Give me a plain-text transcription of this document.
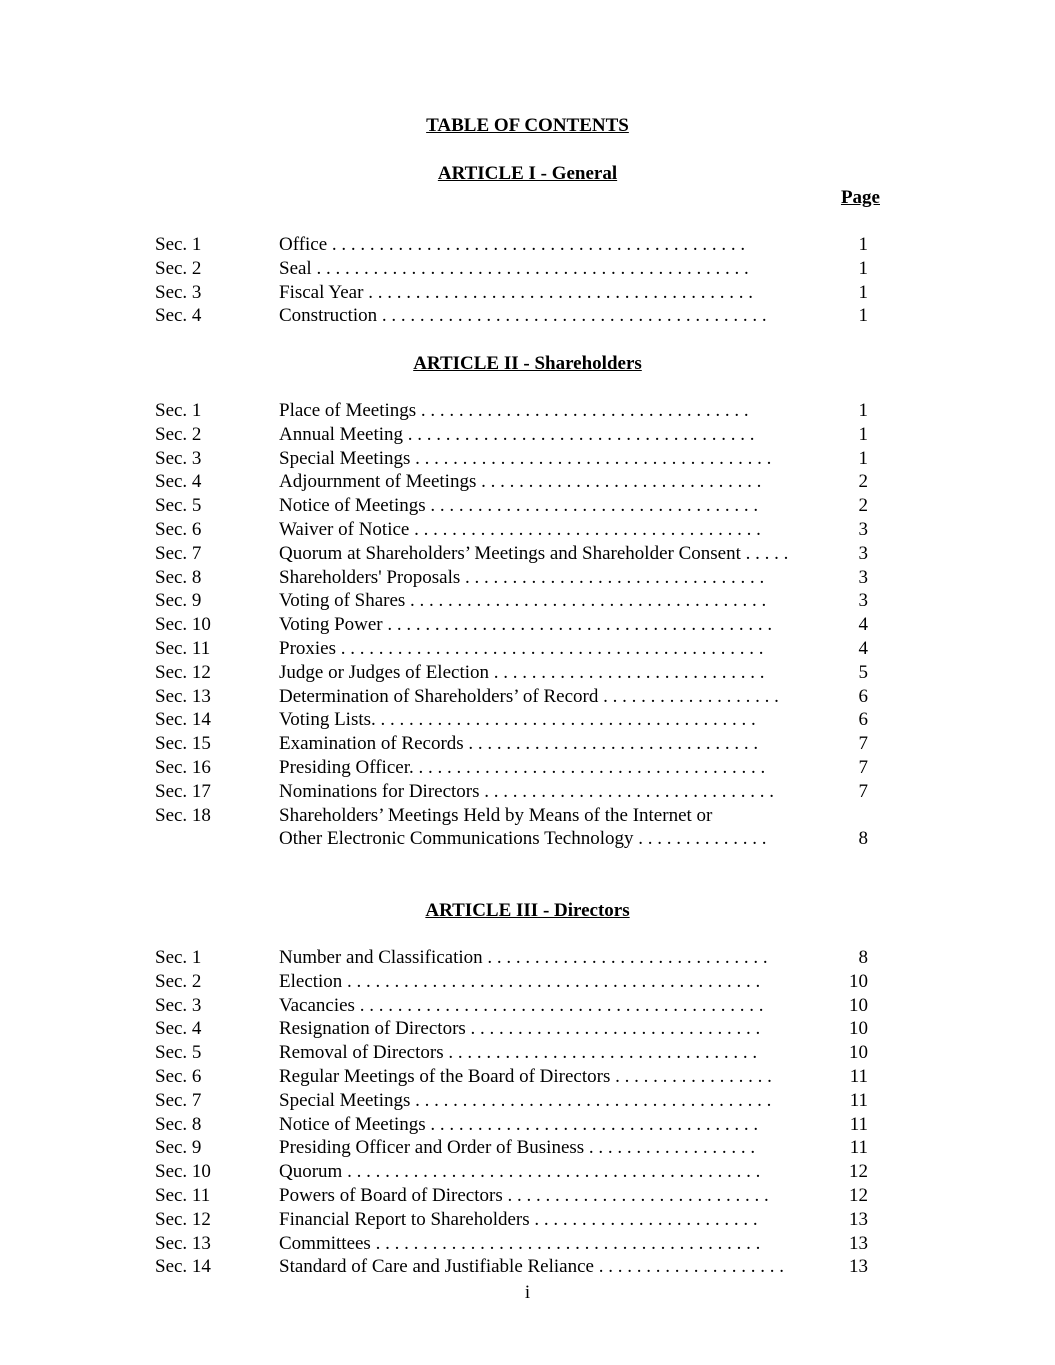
TABLE OF CONTENTS
ARTICLE I - General
Page
Sec. 1	Office . . . . . . . . . . . . . . . . . . . . . . . . . . . . . . . . . . . . . . . . . . . .	1
Sec. 2	Seal . . . . . . . . . . . . . . . . . . . . . . . . . . . . . . . . . . . . . . . . . . . . . .	1
Sec. 3	Fiscal Year . . . . . . . . . . . . . . . . . . . . . . . . . . . . . . . . . . . . . . . . .	1
Sec. 4	Construction . . . . . . . . . . . . . . . . . . . . . . . . . . . . . . . . . . . . . . . . .	1
ARTICLE II - Shareholders
Sec. 1	Place of Meetings . . . . . . . . . . . . . . . . . . . . . . . . . . . . . . . . . . .	1
Sec. 2	Annual Meeting . . . . . . . . . . . . . . . . . . . . . . . . . . . . . . . . . . . . .	1
Sec. 3	Special Meetings . . . . . . . . . . . . . . . . . . . . . . . . . . . . . . . . . . . . . .	1
Sec. 4	Adjournment of Meetings . . . . . . . . . . . . . . . . . . . . . . . . . . . . . .	2
Sec. 5	Notice of Meetings . . . . . . . . . . . . . . . . . . . . . . . . . . . . . . . . . . .	2
Sec. 6	Waiver of Notice . . . . . . . . . . . . . . . . . . . . . . . . . . . . . . . . . . . . .	3
Sec. 7	Quorum at Shareholders’ Meetings and Shareholder Consent . . . . .	3
Sec. 8	Shareholders' Proposals . . . . . . . . . . . . . . . . . . . . . . . . . . . . . . . .	3
Sec. 9	Voting of Shares . . . . . . . . . . . . . . . . . . . . . . . . . . . . . . . . . . . . . .	3
Sec. 10	Voting Power . . . . . . . . . . . . . . . . . . . . . . . . . . . . . . . . . . . . . . . . .	4
Sec. 11	Proxies . . . . . . . . . . . . . . . . . . . . . . . . . . . . . . . . . . . . . . . . . . . . .	4
Sec. 12	Judge or Judges of Election . . . . . . . . . . . . . . . . . . . . . . . . . . . . .	5
Sec. 13	Determination of Shareholders’ of Record . . . . . . . . . . . . . . . . . . .	6
Sec. 14	Voting Lists. . . . . . . . . . . . . . . . . . . . . . . . . . . . . . . . . . . . . . . . .	6
Sec. 15	Examination of Records . . . . . . . . . . . . . . . . . . . . . . . . . . . . . . .	7
Sec. 16	Presiding Officer. . . . . . . . . . . . . . . . . . . . . . . . . . . . . . . . . . . . . .	7
Sec. 17	Nominations for Directors . . . . . . . . . . . . . . . . . . . . . . . . . . . . . . .	7
Sec. 18	Shareholders’ Meetings Held by Means of the Internet or
Other Electronic Communications Technology . . . . . . . . . . . . . .	8
ARTICLE III - Directors
Sec. 1	Number and Classification . . . . . . . . . . . . . . . . . . . . . . . . . . . . . .	8
Sec. 2	Election . . . . . . . . . . . . . . . . . . . . . . . . . . . . . . . . . . . . . . . . . . . .	10
Sec. 3	Vacancies . . . . . . . . . . . . . . . . . . . . . . . . . . . . . . . . . . . . . . . . . . .	10
Sec. 4	Resignation of Directors . . . . . . . . . . . . . . . . . . . . . . . . . . . . . . .	10
Sec. 5	Removal of Directors . . . . . . . . . . . . . . . . . . . . . . . . . . . . . . . . .	10
Sec. 6	Regular Meetings of the Board of Directors . . . . . . . . . . . . . . . . .	11
Sec. 7	Special Meetings . . . . . . . . . . . . . . . . . . . . . . . . . . . . . . . . . . . . . .	11
Sec. 8	Notice of Meetings . . . . . . . . . . . . . . . . . . . . . . . . . . . . . . . . . . .	11
Sec. 9	Presiding Officer and Order of Business . . . . . . . . . . . . . . . . . .	11
Sec. 10	Quorum . . . . . . . . . . . . . . . . . . . . . . . . . . . . . . . . . . . . . . . . . . . .	12
Sec. 11	Powers of Board of Directors . . . . . . . . . . . . . . . . . . . . . . . . . . . .	12
Sec. 12	Financial Report to Shareholders . . . . . . . . . . . . . . . . . . . . . . . .	13
Sec. 13	Committees . . . . . . . . . . . . . . . . . . . . . . . . . . . . . . . . . . . . . . . . .	13
Sec. 14	Standard of Care and Justifiable Reliance . . . . . . . . . . . . . . . . . . . .	13
i
